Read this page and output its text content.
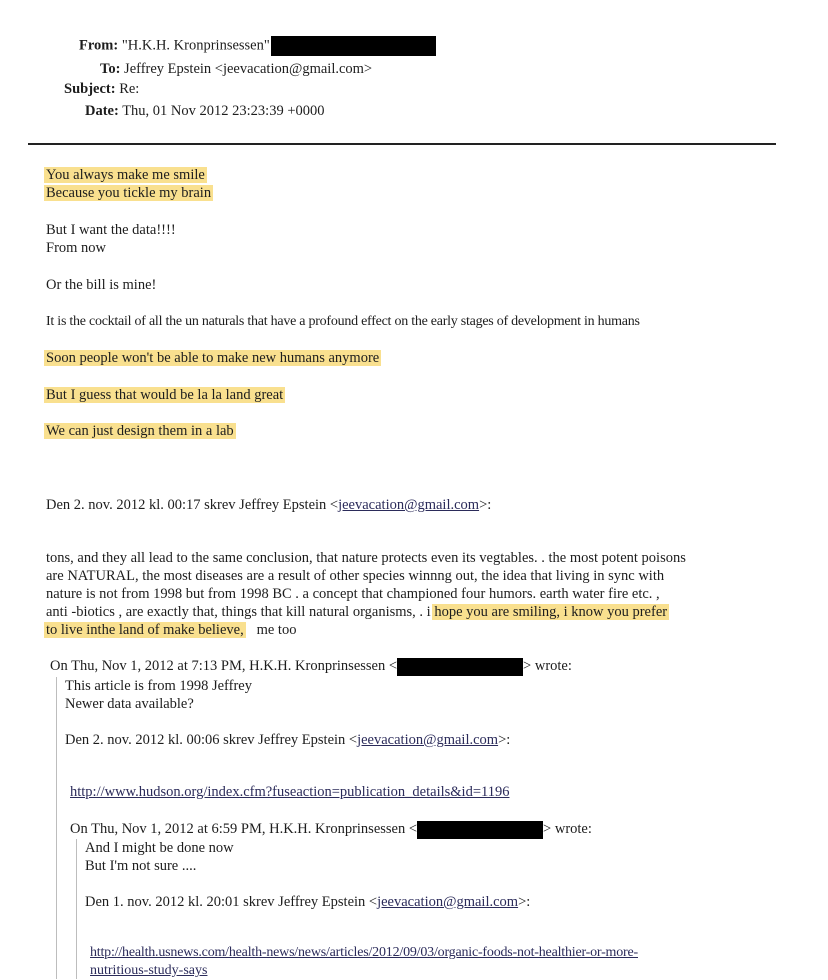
From: "H.K.H. Kronprinsessen"
To: Jeffrey Epstein <jeevacation@gmail.com>
Subject: Re:
Date: Thu, 01 Nov 2012 23:23:39 +0000
You always make me smile
Because you tickle my brain
But I want the data!!!!
From now
Or the bill is mine!
It is the cocktail of all the un naturals that have a profound effect on the early stages of development in humans
Soon people won't be able to make new humans anymore
But I guess that would be la la land great
We can just design them in a lab
Den 2. nov. 2012 kl. 00:17 skrev Jeffrey Epstein <jeevacation@gmail.com>:
tons, and they all lead to the same conclusion, that nature protects even its vegtables. . the most potent poisons
are NATURAL, the most diseases are a result of other species winnng out, the idea that living in sync with
nature is not from 1998 but from 1998 BC . a concept that championed four humors. earth water fire etc. ,
anti -biotics , are exactly that, things that kill natural organisms, . i hope you are smiling, i know you prefer
to live inthe land of make believe, me too
On Thu, Nov 1, 2012 at 7:13 PM, H.K.H. Kronprinsessen <	> wrote:
This article is from 1998 Jeffrey
Newer data available?
Den 2. nov. 2012 kl. 00:06 skrev Jeffrey Epstein <jeevacation@gmail.com>:
http://www.hudson.org/index.cfm?fuseaction=publication_details&id=1196
On Thu, Nov 1, 2012 at 6:59 PM, H.K.H. Kronprinsessen <	> wrote:
And I might be done now
But I'm not sure ....
Den 1. nov. 2012 kl. 20:01 skrev Jeffrey Epstein <jeevacation@gmail.com>:
http://health.usnews.com/health-news/news/articles/2012/09/03/organic-foods-not-healthier-or-more-
nutritious-study-says
